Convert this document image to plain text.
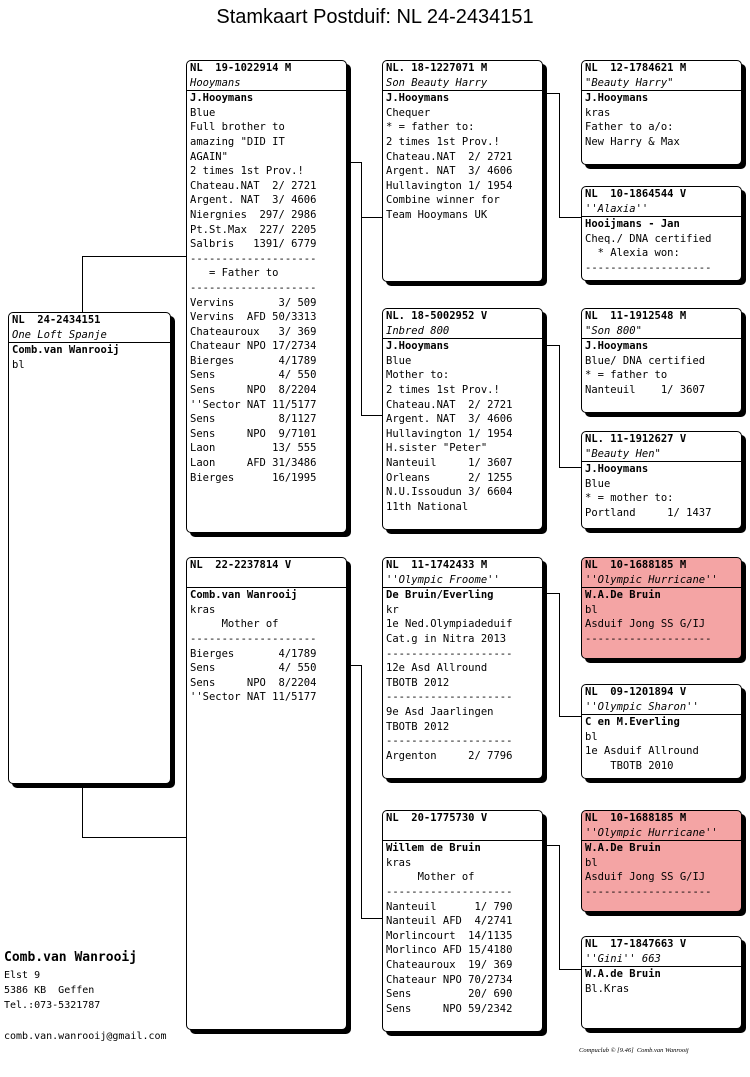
Stamkaart Postduif: NL 24-2434151
NL  24-2434151
One Loft Spanje
Comb.van Wanrooij
bl
NL  19-1022914 M
Hooymans
J.Hooymans
Blue
Full brother to
amazing "DID IT
AGAIN"
2 times 1st Prov.!
Chateau.NAT  2/ 2721
Argent. NAT  3/ 4606
Niergnies  297/ 2986
Pt.St.Max  227/ 2205
Salbris   1391/ 6779
--------------------
= Father to
--------------------
Vervins       3/ 509
Vervins  AFD 50/3313
Chateauroux   3/ 369
Chateaur NPO 17/2734
Bierges       4/1789
Sens          4/ 550
Sens     NPO  8/2204
''Sector NAT 11/5177
Sens          8/1127
Sens     NPO  9/7101
Laon         13/ 555
Laon     AFD 31/3486
Bierges      16/1995
NL  22-2237814 V
Comb.van Wanrooij
kras
Mother of
--------------------
Bierges       4/1789
Sens          4/ 550
Sens     NPO  8/2204
''Sector NAT 11/5177
NL. 18-1227071 M
Son Beauty Harry
J.Hooymans
Chequer
* = father to:
2 times 1st Prov.!
Chateau.NAT  2/ 2721
Argent. NAT  3/ 4606
Hullavington 1/ 1954
Combine winner for
Team Hooymans UK
NL. 18-5002952 V
Inbred 800
J.Hooymans
Blue
Mother to:
2 times 1st Prov.!
Chateau.NAT  2/ 2721
Argent. NAT  3/ 4606
Hullavington 1/ 1954
H.sister "Peter"
Nanteuil     1/ 3607
Orleans      2/ 1255
N.U.Issoudun 3/ 6604
11th National
NL  11-1742433 M
''Olympic Froome''
De Bruin/Everling
kr
1e Ned.Olympiadeduif
Cat.g in Nitra 2013
--------------------
12e Asd Allround
TBOTB 2012
--------------------
9e Asd Jaarlingen
TBOTB 2012
--------------------
Argenton     2/ 7796
NL  20-1775730 V
Willem de Bruin
kras
Mother of
--------------------
Nanteuil      1/ 790
Nanteuil AFD  4/2741
Morlincourt  14/1135
Morlinco AFD 15/4180
Chateauroux  19/ 369
Chateaur NPO 70/2734
Sens         20/ 690
Sens     NPO 59/2342
NL  12-1784621 M
"Beauty Harry"
J.Hooymans
kras
Father to a/o:
New Harry & Max
NL  10-1864544 V
''Alaxia''
Hooijmans - Jan
Cheq./ DNA certified
* Alexia won:
--------------------
NL  11-1912548 M
"Son 800"
J.Hooymans
Blue/ DNA certified
* = father to
Nanteuil    1/ 3607
NL. 11-1912627 V
"Beauty Hen"
J.Hooymans
Blue
* = mother to:
Portland     1/ 1437
NL  10-1688185 M
''Olympic Hurricane''
W.A.De Bruin
bl
Asduif Jong SS G/IJ
--------------------
NL  09-1201894 V
''Olympic Sharon''
C en M.Everling
bl
1e Asduif Allround
TBOTB 2010
NL  10-1688185 M
''Olympic Hurricane''
W.A.De Bruin
bl
Asduif Jong SS G/IJ
--------------------
NL  17-1847663 V
''Gini'' 663
W.A.de Bruin
Bl.Kras
Comb.van Wanrooij
Elst 9
5386 KB  Geffen
Tel.:073-5321787
comb.van.wanrooij@gmail.com
Compuclub © [9.46]  Comb.van Wanrooij
